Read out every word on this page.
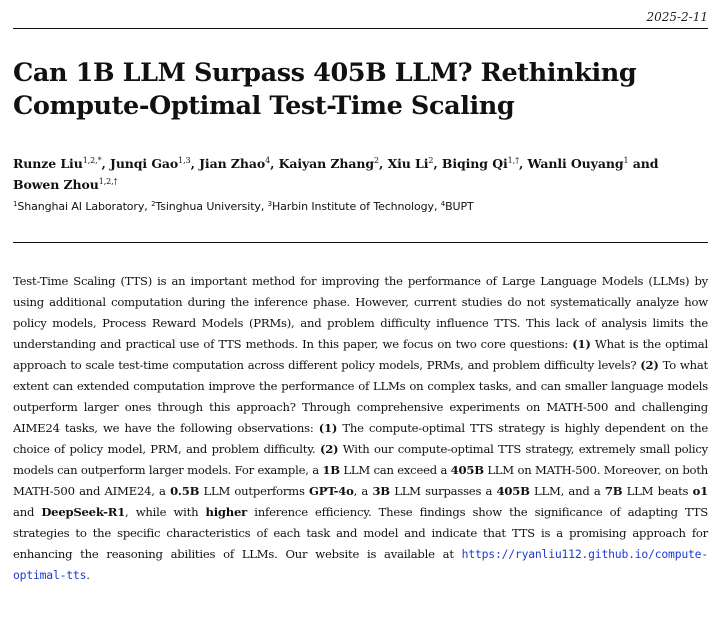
2025-2-11
Can 1B LLM Surpass 405B LLM? Rethinking
Compute-Optimal Test-Time Scaling
Runze Liu$^{1,2,*}$, Junqi Gao$^{1,3}$, Jian Zhao$^4$, Kaiyan Zhang$^2$, Xiu Li$^2$, Biqing $Qi^{1,\dagger}$, Wanli Ouyang$^1$ and
Bowen Zhou$^{1,2,\dagger}$
$^1$Shanghai AI Laboratory, $^2$Tsinghua University, $^3$Harbin Institute of Technology, $^4$BUPT
Test-Time Scaling (TTS) is an important method for improving the performance of Large Language Models (LLMs) by using additional computation during the inference phase. However, current studies do not systematically analyze how policy models, Process Reward Models (PRMs), and problem difficulty influence TTS. This lack of analysis limits the understanding and practical use of TTS methods. In this paper, we focus on two core questions: (1) What is the optimal approach to scale test-time computation across different policy models, PRMs, and problem difficulty levels? (2) To what extent can extended computation improve the performance of LLMs on complex tasks, and can smaller language models outperform larger ones through this approach? Through comprehensive experiments on MATH-500 and challenging AIME24 tasks, we have the following observations: (1) The compute-optimal TTS strategy is highly dependent on the choice of policy model, PRM, and problem difficulty. (2) With our compute-optimal TTS strategy, extremely small policy models can outperform larger models. For example, a 1B LLM can exceed a 405B LLM on MATH-500. Moreover, on both MATH-500 and AIME24, a 0.5B LLM outperforms GPT-4o, a 3B LLM surpasses a 405B LLM, and a 7B LLM beats o1 and DeepSeek-R1, while with higher inference efficiency. These findings show the significance of adapting TTS strategies to the specific characteristics of each task and model and indicate that TTS is a promising approach for enhancing the reasoning abilities of LLMs. Our website is available at https://ryanliu112.github.io/compute-optimal-tts.
